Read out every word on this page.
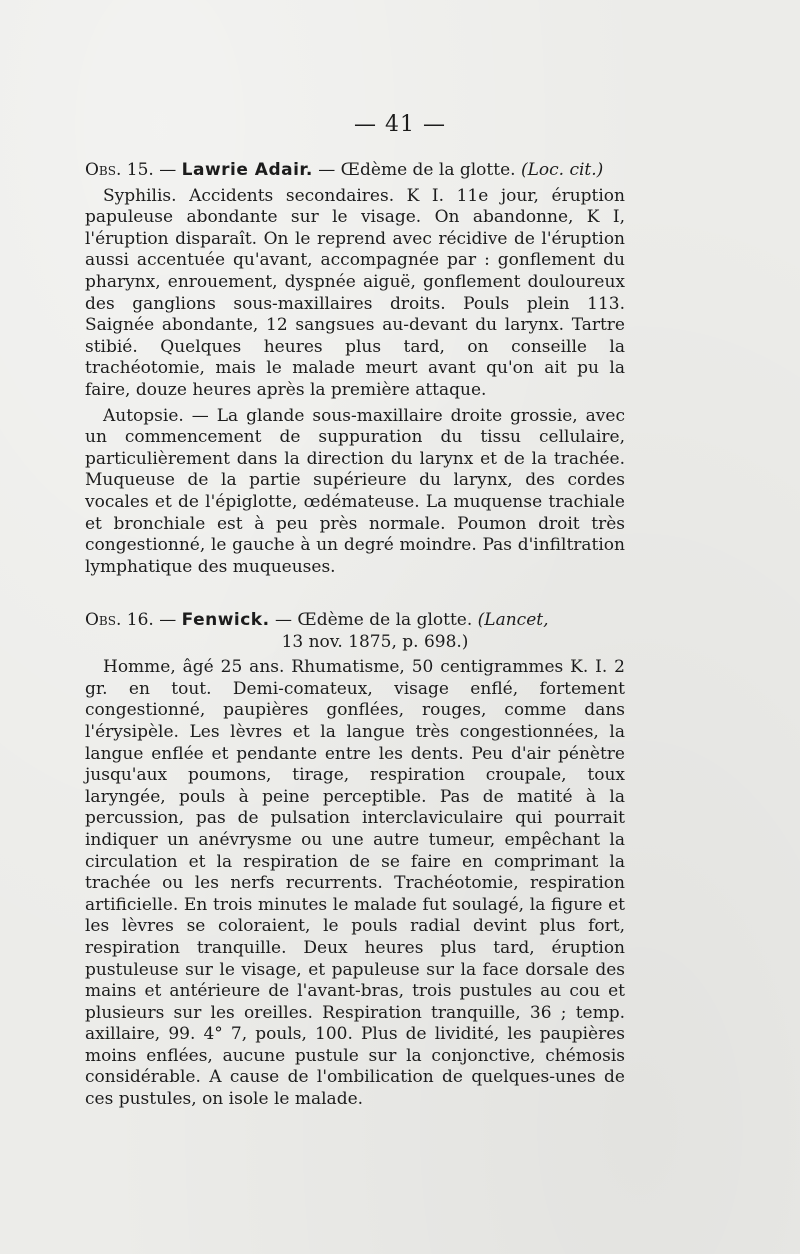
— 41 —

Obs. 15. — Lawrie Adair. — Œdème de la glotte. (Loc. cit.)

Syphilis. Accidents secondaires. K I. 11e jour, éruption papuleuse abondante sur le visage. On abandonne, K I, l'éruption disparaît. On le reprend avec récidive de l'éruption aussi accentuée qu'avant, accompagnée par : gonflement du pharynx, enrouement, dyspnée aiguë, gonflement douloureux des ganglions sous-maxillaires droits. Pouls plein 113. Saignée abondante, 12 sangsues au-devant du larynx. Tartre stibié. Quelques heures plus tard, on conseille la trachéotomie, mais le malade meurt avant qu'on ait pu la faire, douze heures après la première attaque.

Autopsie. — La glande sous-maxillaire droite grossie, avec un commencement de suppuration du tissu cellulaire, particulièrement dans la direction du larynx et de la trachée. Muqueuse de la partie supérieure du larynx, des cordes vocales et de l'épiglotte, œdémateuse. La muquense trachiale et bronchiale est à peu près normale. Poumon droit très congestionné, le gauche à un degré moindre. Pas d'infiltration lymphatique des muqueuses.

Obs. 16. — Fenwick. — Œdème de la glotte. (Lancet,
13 nov. 1875, p. 698.)

Homme, âgé 25 ans. Rhumatisme, 50 centigrammes K. I. 2 gr. en tout. Demi-comateux, visage enflé, fortement congestionné, paupières gonflées, rouges, comme dans l'érysipèle. Les lèvres et la langue très congestionnées, la langue enflée et pendante entre les dents. Peu d'air pénètre jusqu'aux poumons, tirage, respiration croupale, toux laryngée, pouls à peine perceptible. Pas de matité à la percussion, pas de pulsation interclaviculaire qui pourrait indiquer un anévrysme ou une autre tumeur, empêchant la circulation et la respiration de se faire en comprimant la trachée ou les nerfs recurrents. Trachéotomie, respiration artificielle. En trois minutes le malade fut soulagé, la figure et les lèvres se coloraient, le pouls radial devint plus fort, respiration tranquille. Deux heures plus tard, éruption pustuleuse sur le visage, et papuleuse sur la face dorsale des mains et antérieure de l'avant-bras, trois pustules au cou et plusieurs sur les oreilles. Respiration tranquille, 36 ; temp. axillaire, 99. 4° 7, pouls, 100. Plus de lividité, les paupières moins enflées, aucune pustule sur la conjonctive, chémosis considérable. A cause de l'ombilication de quelques-unes de ces pustules, on isole le malade.
